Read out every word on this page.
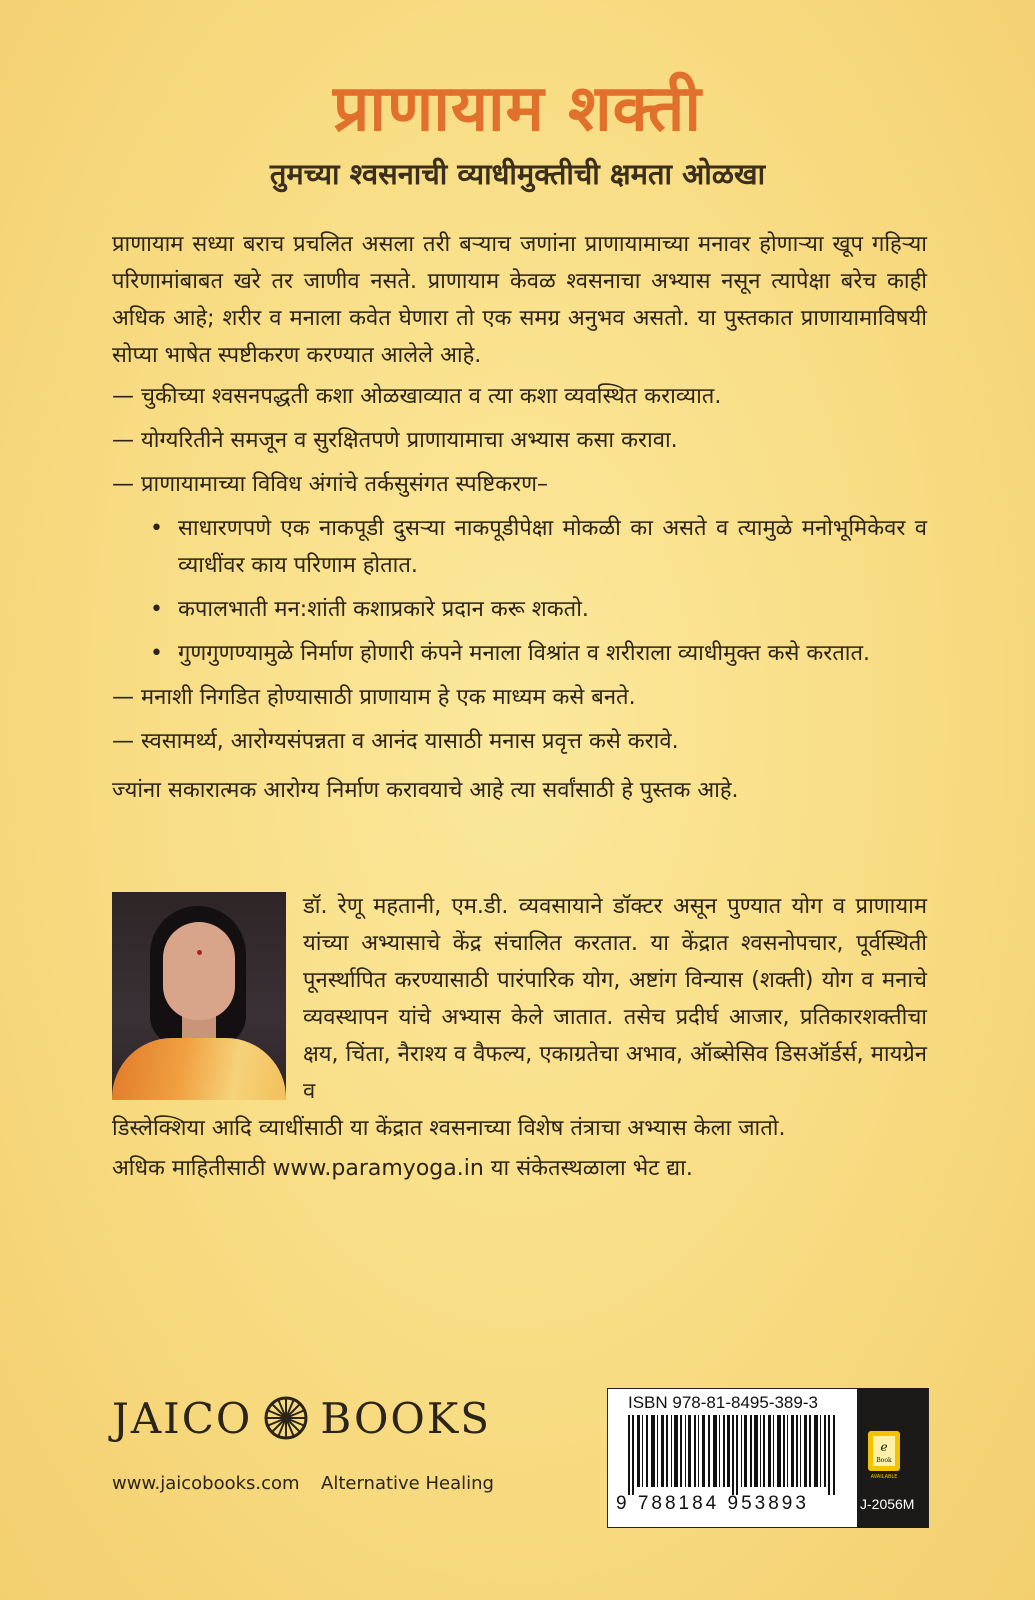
प्राणायाम शक्ती
तुमच्या श्वसनाची व्याधीमुक्तीची क्षमता ओळखा

प्राणायाम सध्या बराच प्रचलित असला तरी बऱ्याच जणांना प्राणायामाच्या मनावर होणाऱ्या खूप गहिऱ्या परिणामांबाबत खरे तर जाणीव नसते. प्राणायाम केवळ श्वसनाचा अभ्यास नसून त्यापेक्षा बरेच काही अधिक आहे; शरीर व मनाला कवेत घेणारा तो एक समग्र अनुभव असतो. या पुस्तकात प्राणायामाविषयी सोप्या भाषेत स्पष्टीकरण करण्यात आलेले आहे.

— चुकीच्या श्वसनपद्धती कशा ओळखाव्यात व त्या कशा व्यवस्थित कराव्यात.
— योग्यरितीने समजून व सुरक्षितपणे प्राणायामाचा अभ्यास कसा करावा.
— प्राणायामाच्या विविध अंगांचे तर्कसुसंगत स्पष्टिकरण–
• साधारणपणे एक नाकपूडी दुसऱ्या नाकपूडीपेक्षा मोकळी का असते व त्यामुळे मनोभूमिकेवर व व्याधींवर काय परिणाम होतात.
• कपालभाती मन:शांती कशाप्रकारे प्रदान करू शकतो.
• गुणगुणण्यामुळे निर्माण होणारी कंपने मनाला विश्रांत व शरीराला व्याधीमुक्त कसे करतात.
— मनाशी निगडित होण्यासाठी प्राणायाम हे एक माध्यम कसे बनते.
— स्वसामर्थ्य, आरोग्यसंपन्नता व आनंद यासाठी मनास प्रवृत्त कसे करावे.
ज्यांना सकारात्मक आरोग्य निर्माण करावयाचे आहे त्या सर्वांसाठी हे पुस्तक आहे.
डॉ. रेणू महतानी, एम.डी. व्यवसायाने डॉक्टर असून पुण्यात योग व प्राणायाम यांच्या अभ्यासाचे केंद्र संचालित करतात. या केंद्रात श्वसनोपचार, पूर्वस्थिती पूनर्स्थापित करण्यासाठी पारंपारिक योग, अष्टांग विन्यास (शक्ती) योग व मनाचे व्यवस्थापन यांचे अभ्यास केले जातात. तसेच प्रदीर्घ आजार, प्रतिकारशक्तीचा क्षय, चिंता, नैराश्य व वैफल्य, एकाग्रतेचा अभाव, ऑब्सेसिव डिसऑर्डर्स, मायग्रेन व
डिस्लेक्शिया आदि व्याधींसाठी या केंद्रात श्वसनाच्या विशेष तंत्राचा अभ्यास केला जातो.
अधिक माहितीसाठी www.paramyoga.in या संकेतस्थळाला भेट द्या.
JAICO BOOKS
www.jaicobooks.com Alternative Healing
ISBN 978-81-8495-389-3
9 788184 953893
e
Book
AVAILABLE
J-2056M
